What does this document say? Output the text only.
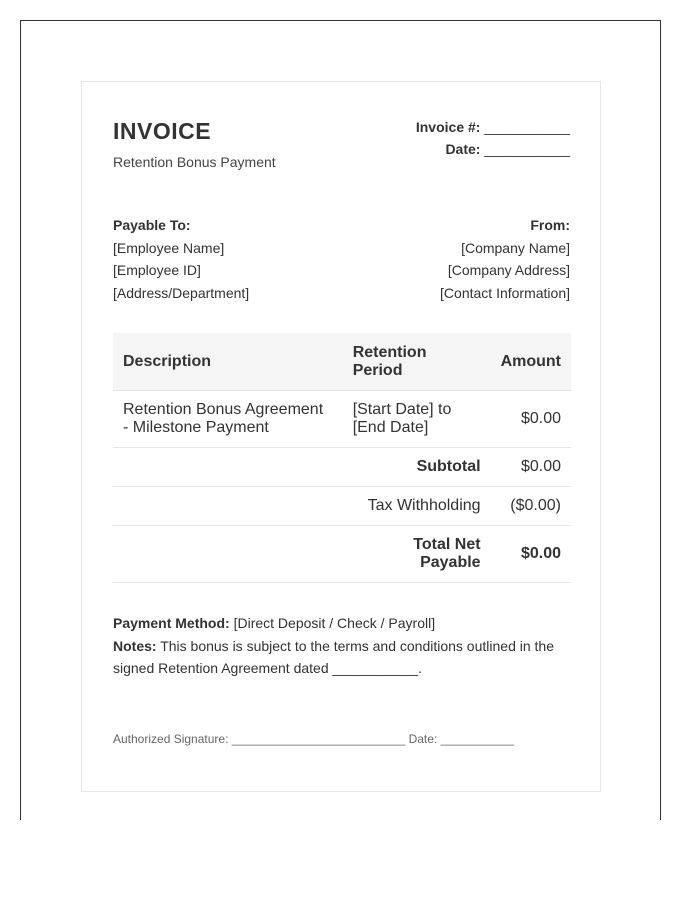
INVOICE
Retention Bonus Payment
Invoice #: ___________
Date: ___________
Payable To:
[Employee Name]
[Employee ID]
[Address/Department]
From:
[Company Name]
[Company Address]
[Contact Information]
Description	Retention Period	Amount
Retention Bonus Agreement - Milestone Payment	[Start Date] to [End Date]	$0.00
Subtotal		$0.00
Tax Withholding		($0.00)

Total Net Payable		$0.00
Payment Method: [Direct Deposit / Check / Payroll]
Notes: This bonus is subject to the terms and conditions outlined in the signed Retention Agreement dated ___________.
Authorized Signature: __________________________ Date: ___________
